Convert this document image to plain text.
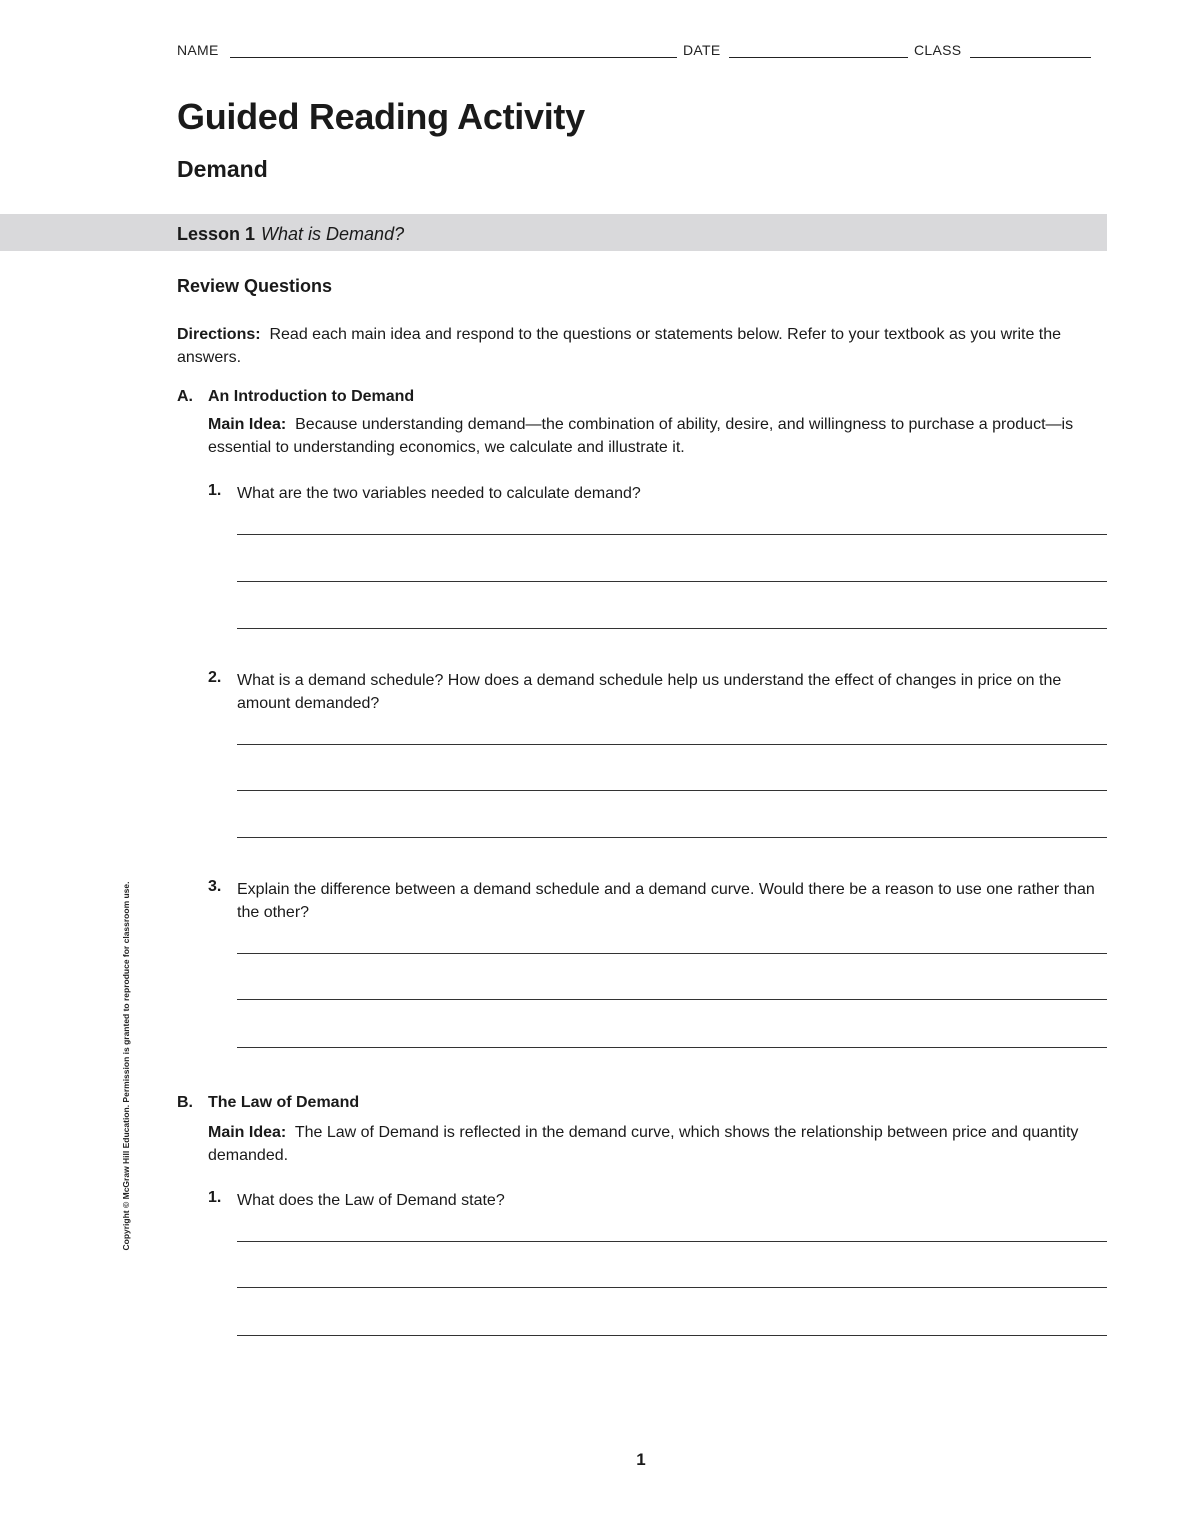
NAME	DATE	CLASS
Guided Reading Activity
Demand
Lesson 1 What is Demand?
Review Questions
Directions: Read each main idea and respond to the questions or statements below. Refer to your textbook as you write the answers.
A. An Introduction to Demand
Main Idea: Because understanding demand—the combination of ability, desire, and willingness to purchase a product—is essential to understanding economics, we calculate and illustrate it.
1. What are the two variables needed to calculate demand?
2. What is a demand schedule? How does a demand schedule help us understand the effect of changes in price on the amount demanded?
3. Explain the difference between a demand schedule and a demand curve. Would there be a reason to use one rather than the other?
B. The Law of Demand
Main Idea: The Law of Demand is reflected in the demand curve, which shows the relationship between price and quantity demanded.
1. What does the Law of Demand state?
Copyright © McGraw Hill Education. Permission is granted to reproduce for classroom use.
1
